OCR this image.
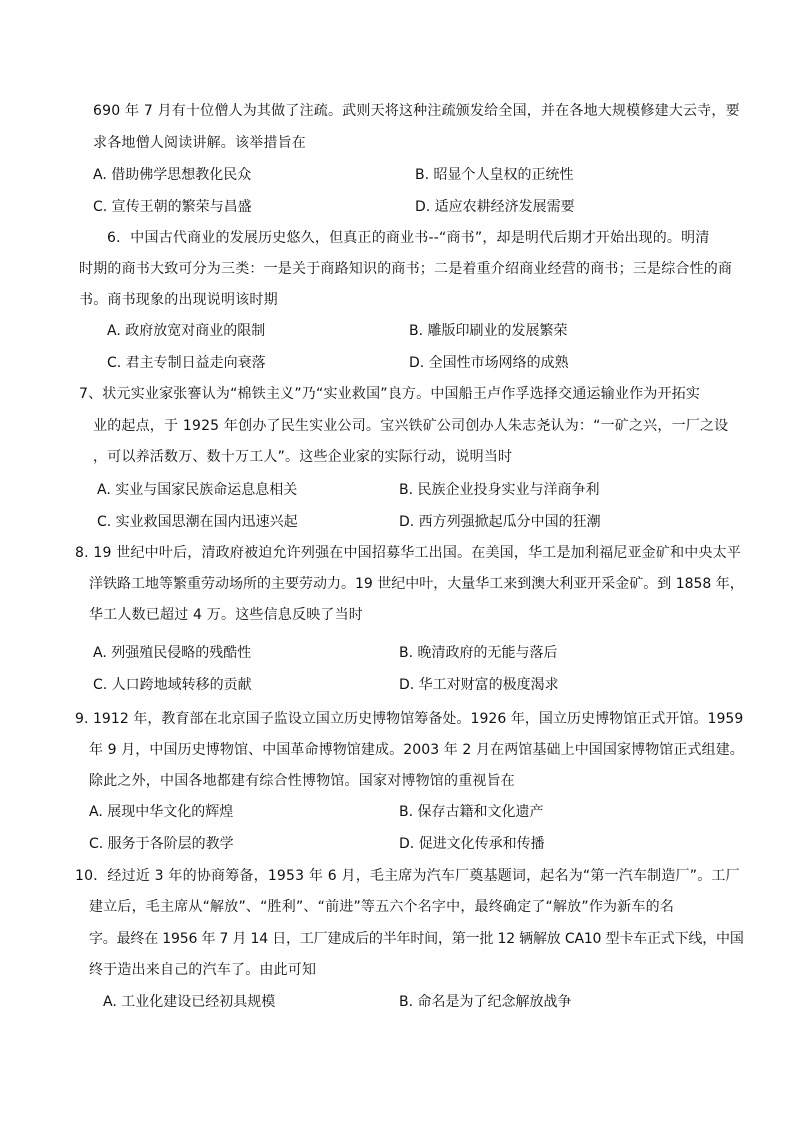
690 年 7 月有十位僧人为其做了注疏。武则天将这种注疏颁发给全国，并在各地大规模修建大云寺，要
求各地僧人阅读讲解。该举措旨在
A. 借助佛学思想教化民众	B. 昭显个人皇权的正统性
C. 宣传王朝的繁荣与昌盛	D. 适应农耕经济发展需要
6．中国古代商业的发展历史悠久，但真正的商业书--“商书”，却是明代后期才开始出现的。明清
时期的商书大致可分为三类：一是关于商路知识的商书；二是着重介绍商业经营的商书；三是综合性的商
书。商书现象的出现说明该时期
A. 政府放宽对商业的限制	B. 雕版印刷业的发展繁荣
C. 君主专制日益走向衰落	D. 全国性市场网络的成熟
7、状元实业家张謇认为“棉铁主义”乃“实业救国”良方。中国船王卢作孚选择交通运输业作为开拓实
业的起点，于 1925 年创办了民生实业公司。宝兴铁矿公司创办人朱志尧认为：“一矿之兴，一厂之设
，可以养活数万、数十万工人”。这些企业家的实际行动，说明当时
A. 实业与国家民族命运息息相关	B. 民族企业投身实业与洋商争利
C. 实业救国思潮在国内迅速兴起	D. 西方列强掀起瓜分中国的狂潮
8. 19 世纪中叶后，清政府被迫允许列强在中国招募华工出国。在美国，华工是加利福尼亚金矿和中央太平
洋铁路工地等繁重劳动场所的主要劳动力。19 世纪中叶，大量华工来到澳大利亚开采金矿。到 1858 年，
华工人数已超过 4 万。这些信息反映了当时
A. 列强殖民侵略的残酷性	B. 晚清政府的无能与落后
C. 人口跨地域转移的贡献	D. 华工对财富的极度渴求
9. 1912 年，教育部在北京国子监设立国立历史博物馆筹备处。1926 年，国立历史博物馆正式开馆。1959
年 9 月，中国历史博物馆、中国革命博物馆建成。2003 年 2 月在两馆基础上中国国家博物馆正式组建。
除此之外，中国各地都建有综合性博物馆。国家对博物馆的重视旨在
A. 展现中华文化的辉煌	B. 保存古籍和文化遗产
C. 服务于各阶层的教学	D. 促进文化传承和传播
10．经过近 3 年的协商筹备，1953 年 6 月，毛主席为汽车厂奠基题词，起名为“第一汽车制造厂”。工厂
建立后，毛主席从“解放”、“胜利”、“前进”等五六个名字中，最终确定了“解放”作为新车的名
字。最终在 1956 年 7 月 14 日，工厂建成后的半年时间，第一批 12 辆解放 CA10 型卡车正式下线，中国
终于造出来自己的汽车了。由此可知
A. 工业化建设已经初具规模	B. 命名是为了纪念解放战争
